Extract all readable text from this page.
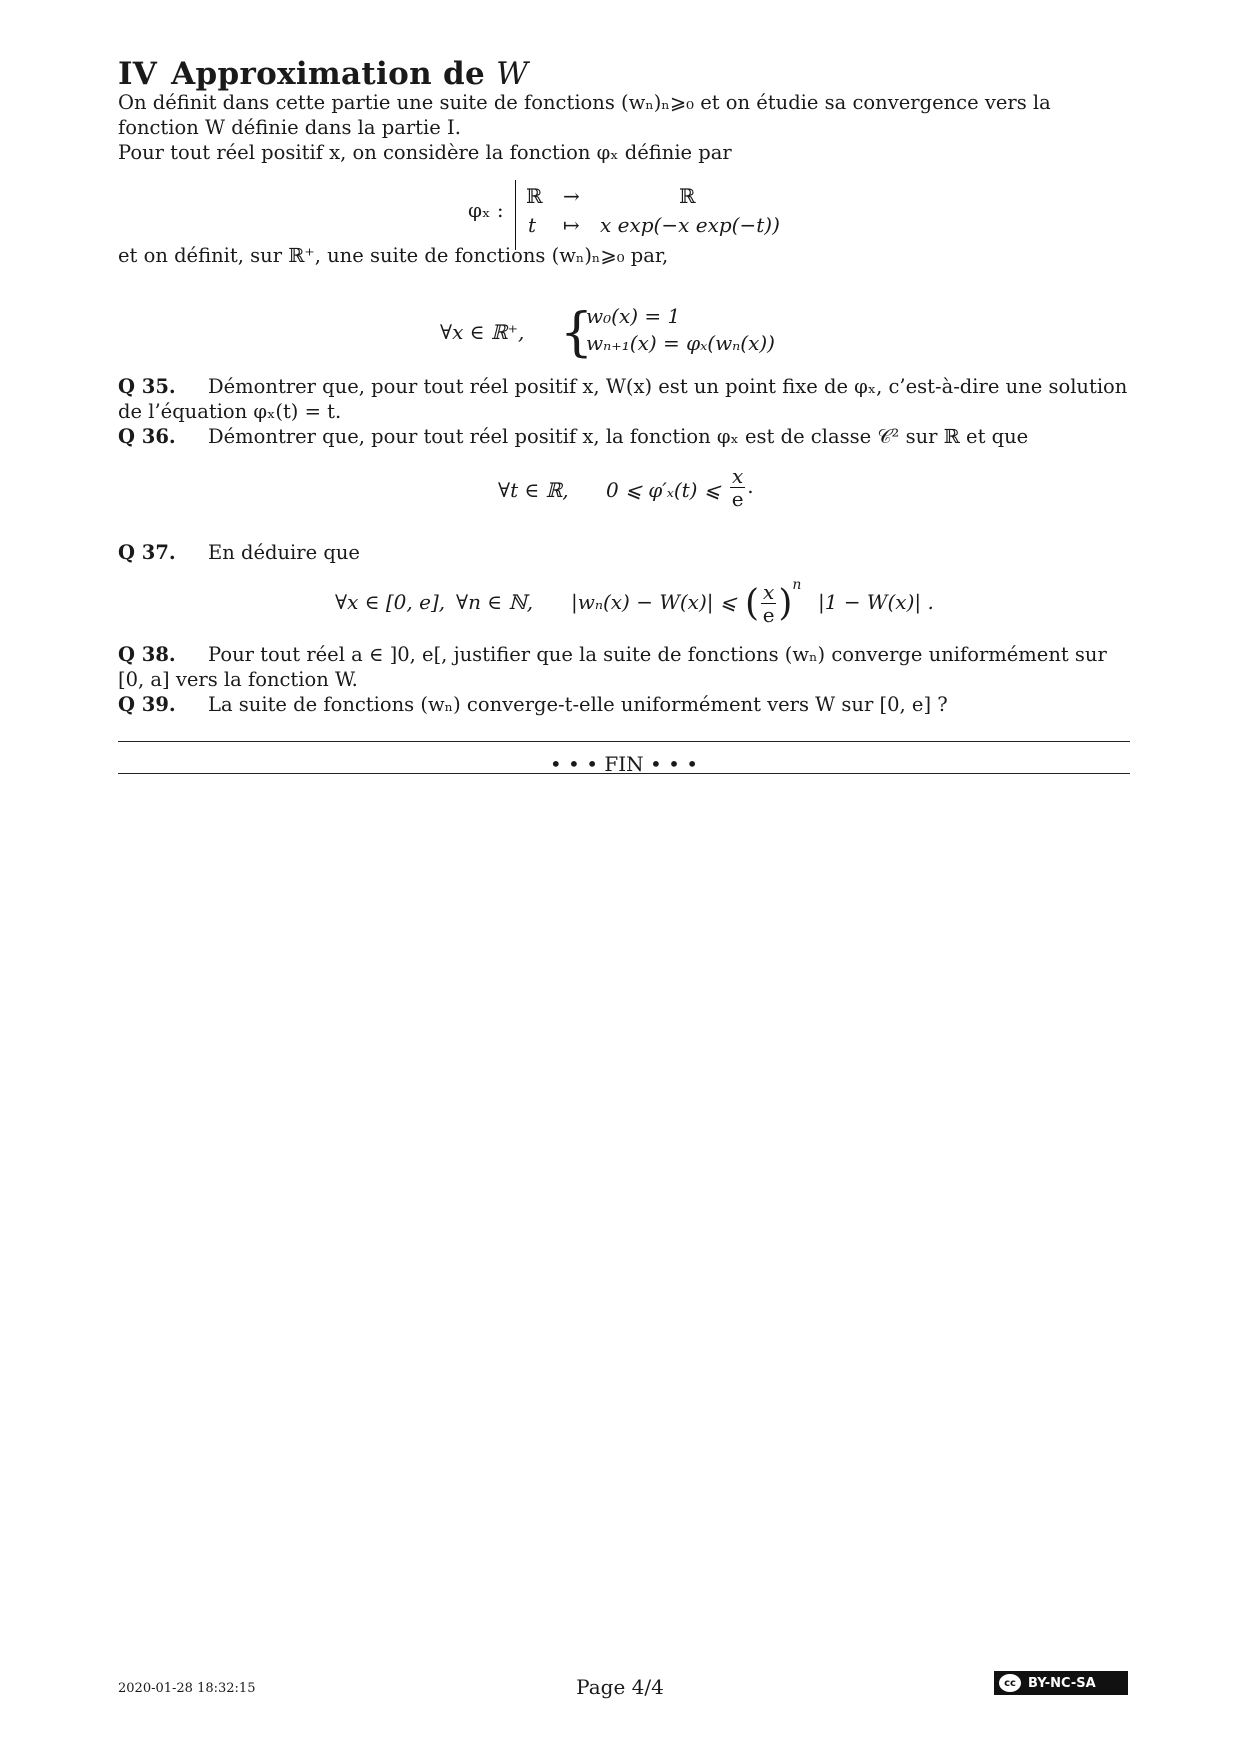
IV Approximation de W
On définit dans cette partie une suite de fonctions (wₙ)ₙ⩾₀ et on étudie sa convergence vers la fonction W définie dans la partie I.
Pour tout réel positif x, on considère la fonction φₓ définie par
φₓ :
ℝ →	ℝ
t ↦ x exp(−x exp(−t))
et on définit, sur ℝ⁺, une suite de fonctions (wₙ)ₙ⩾₀ par,
∀x ∈ ℝ⁺, {
w₀(x) = 1
wₙ₊₁(x) = φₓ(wₙ(x))
Q 35. Démontrer que, pour tout réel positif x, W(x) est un point fixe de φₓ, c’est-à-dire une solution de l’équation φₓ(t) = t.
Q 36. Démontrer que, pour tout réel positif x, la fonction φₓ est de classe 𝒞² sur ℝ et que
∀t ∈ ℝ, 0 ⩽ φ′ₓ(t) ⩽ $\frac{x}{e}$ .
Q 37. En déduire que
∀x ∈ [0, e], ∀n ∈ ℕ, |wₙ(x) − W(x)| ⩽ ( $\frac{x}{e} )^n$
|1 − W(x)| .
Q 38. Pour tout réel a ∈ ]0, e[, justifier que la suite de fonctions (wₙ) converge uniformément sur [0, a] vers la fonction W.
Q 39. La suite de fonctions (wₙ) converge-t-elle uniformément vers W sur [0, e] ?
• • • FIN • • •
2020-01-28 18:32:15	Page 4/4	cc BY-NC-SA
